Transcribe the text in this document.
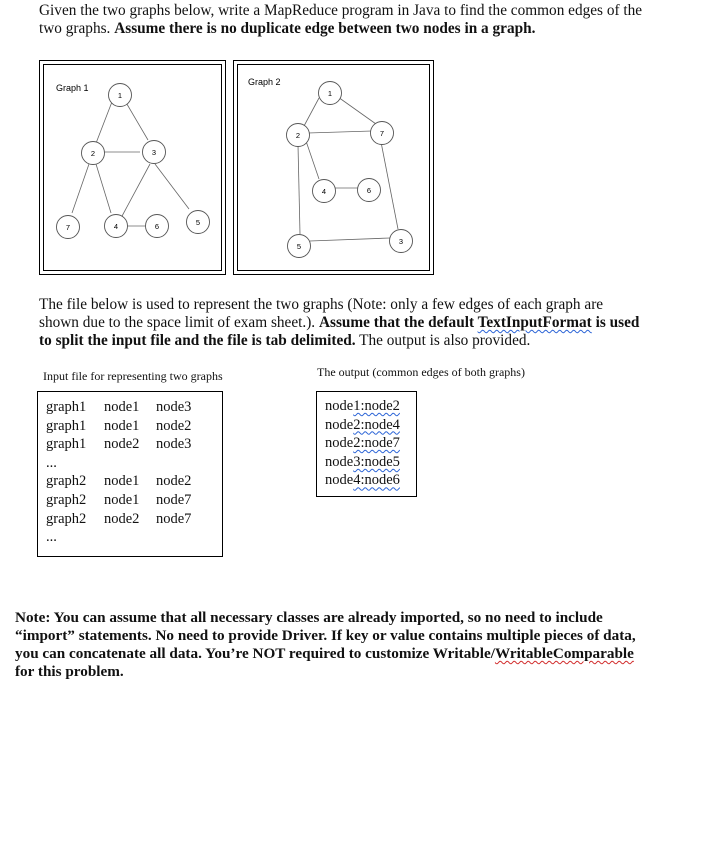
Given the two graphs below, write a MapReduce program in Java to find the common edges of the two graphs. Assume there is no duplicate edge between two nodes in a graph.
Graph 1
1
2	3
7	4	6	5
Graph 2
1
2	7
4	6
5
3
The file below is used to represent the two graphs (Note: only a few edges of each graph are shown due to the space limit of exam sheet.). Assume that the default TextInputFormat is used to split the input file and the file is tab delimited. The output is also provided.
Input file for representing two graphs	The output (common edges of both graphs)
graph1 node1 node3
graph1 node1 node2
graph1 node2 node3
...
graph2 node1 node2
graph2 node1 node7
graph2 node2 node7
...
node1:node2
node2:node4
node2:node7
node3:node5
node4:node6
Note: You can assume that all necessary classes are already imported, so no need to include “import” statements. No need to provide Driver. If key or value contains multiple pieces of data, you can concatenate all data. You’re NOT required to customize Writable/WritableComparable for this problem.
